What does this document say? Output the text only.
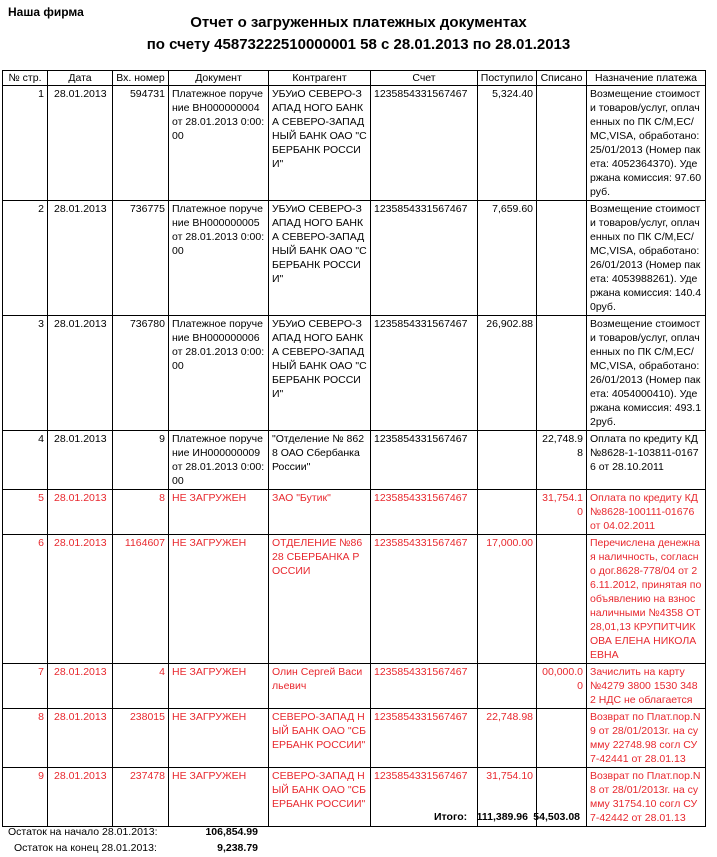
Наша фирма
Отчет о загруженных платежных документах
по счету 45873222510000001 58 с 28.01.2013 по 28.01.2013
№ стр.	Дата	Вх. номер	Документ	Контрагент	Счет	Поступило	Списано	Назначение платежа
1	28.01.2013	594731	Платежное поручение ВН000000004 от 28.01.2013 0:00:00	УБУиО СЕВЕРО-ЗАПАД НОГО БАНКА СЕВЕРО-ЗАПАД НЫЙ БАНК ОАО "СБЕРБАНК РОССИИ"	1235854331567467	5,324.40		Возмещение стоимости товаров/услуг, оплаченных по ПК C/M,EC/MC,VISA, обработано:25/01/2013 (Номер пакета: 4052364370). Удержана комиссия: 97.60руб.
2	28.01.2013	736775	Платежное поручение ВН000000005 от 28.01.2013 0:00:00	УБУиО СЕВЕРО-ЗАПАД НОГО БАНКА СЕВЕРО-ЗАПАД НЫЙ БАНК ОАО "СБЕРБАНК РОССИИ"	1235854331567467	7,659.60		Возмещение стоимости товаров/услуг, оплаченных по ПК C/M,EC/MC,VISA, обработано:26/01/2013 (Номер пакета: 4053988261). Удержана комиссия: 140.40руб.
3	28.01.2013	736780	Платежное поручение ВН000000006 от 28.01.2013 0:00:00	УБУиО СЕВЕРО-ЗАПАД НОГО БАНКА СЕВЕРО-ЗАПАД НЫЙ БАНК ОАО "СБЕРБАНК РОССИИ"	1235854331567467	26,902.88		Возмещение стоимости товаров/услуг, оплаченных по ПК C/M,EC/MC,VISA, обработано:26/01/2013 (Номер пакета: 4054000410). Удержана комиссия: 493.12руб.
4	28.01.2013	9	Платежное поручение ИН000000009 от 28.01.2013 0:00:00	"Отделение № 8628 ОАО Сбербанка России"	1235854331567467		22,748.98	Оплата по кредиту КД №8628-1-103811-01676 от 28.10.2011
5	28.01.2013	8	НЕ ЗАГРУЖЕН	ЗАО "Бутик"	1235854331567467		31,754.10	Оплата по кредиту КД №8628-100111-01676 от 04.02.2011
6	28.01.2013	1164607	НЕ ЗАГРУЖЕН	ОТДЕЛЕНИЕ №8628 СБЕРБАНКА РОССИИ	1235854331567467	17,000.00		Перечислена денежная наличность, согласно дог.8628-778/04 от 26.11.2012, принятая по объявлению на взнос наличными №4358 ОТ 28,01,13 КРУПИТЧИКОВА ЕЛЕНА НИКОЛАЕВНА
7	28.01.2013	4	НЕ ЗАГРУЖЕН	Олин Сергей Васильевич	1235854331567467		00,000.00	Зачислить на карту №4279 3800 1530 3482 НДС не облагается
8	28.01.2013	238015	НЕ ЗАГРУЖЕН	СЕВЕРО-ЗАПАД НЫЙ БАНК ОАО "СБЕРБАНК РОССИИ"	1235854331567467	22,748.98		Возврат по Плат.пор.N 9 от 28/01/2013г. на сумму 22748.98 согл СУ 7-42441 от 28.01.13
9	28.01.2013	237478	НЕ ЗАГРУЖЕН	СЕВЕРО-ЗАПАД НЫЙ БАНК ОАО "СБЕРБАНК РОССИИ"	1235854331567467	31,754.10		Возврат по Плат.пор.N 8 от 28/01/2013г. на сумму 31754.10 согл СУ 7-42442 от 28.01.13
Итого: 111,389.96 54,503.08
Остаток на начало 28.01.2013:	106,854.99
Остаток на конец 28.01.2013:	9,238.79
